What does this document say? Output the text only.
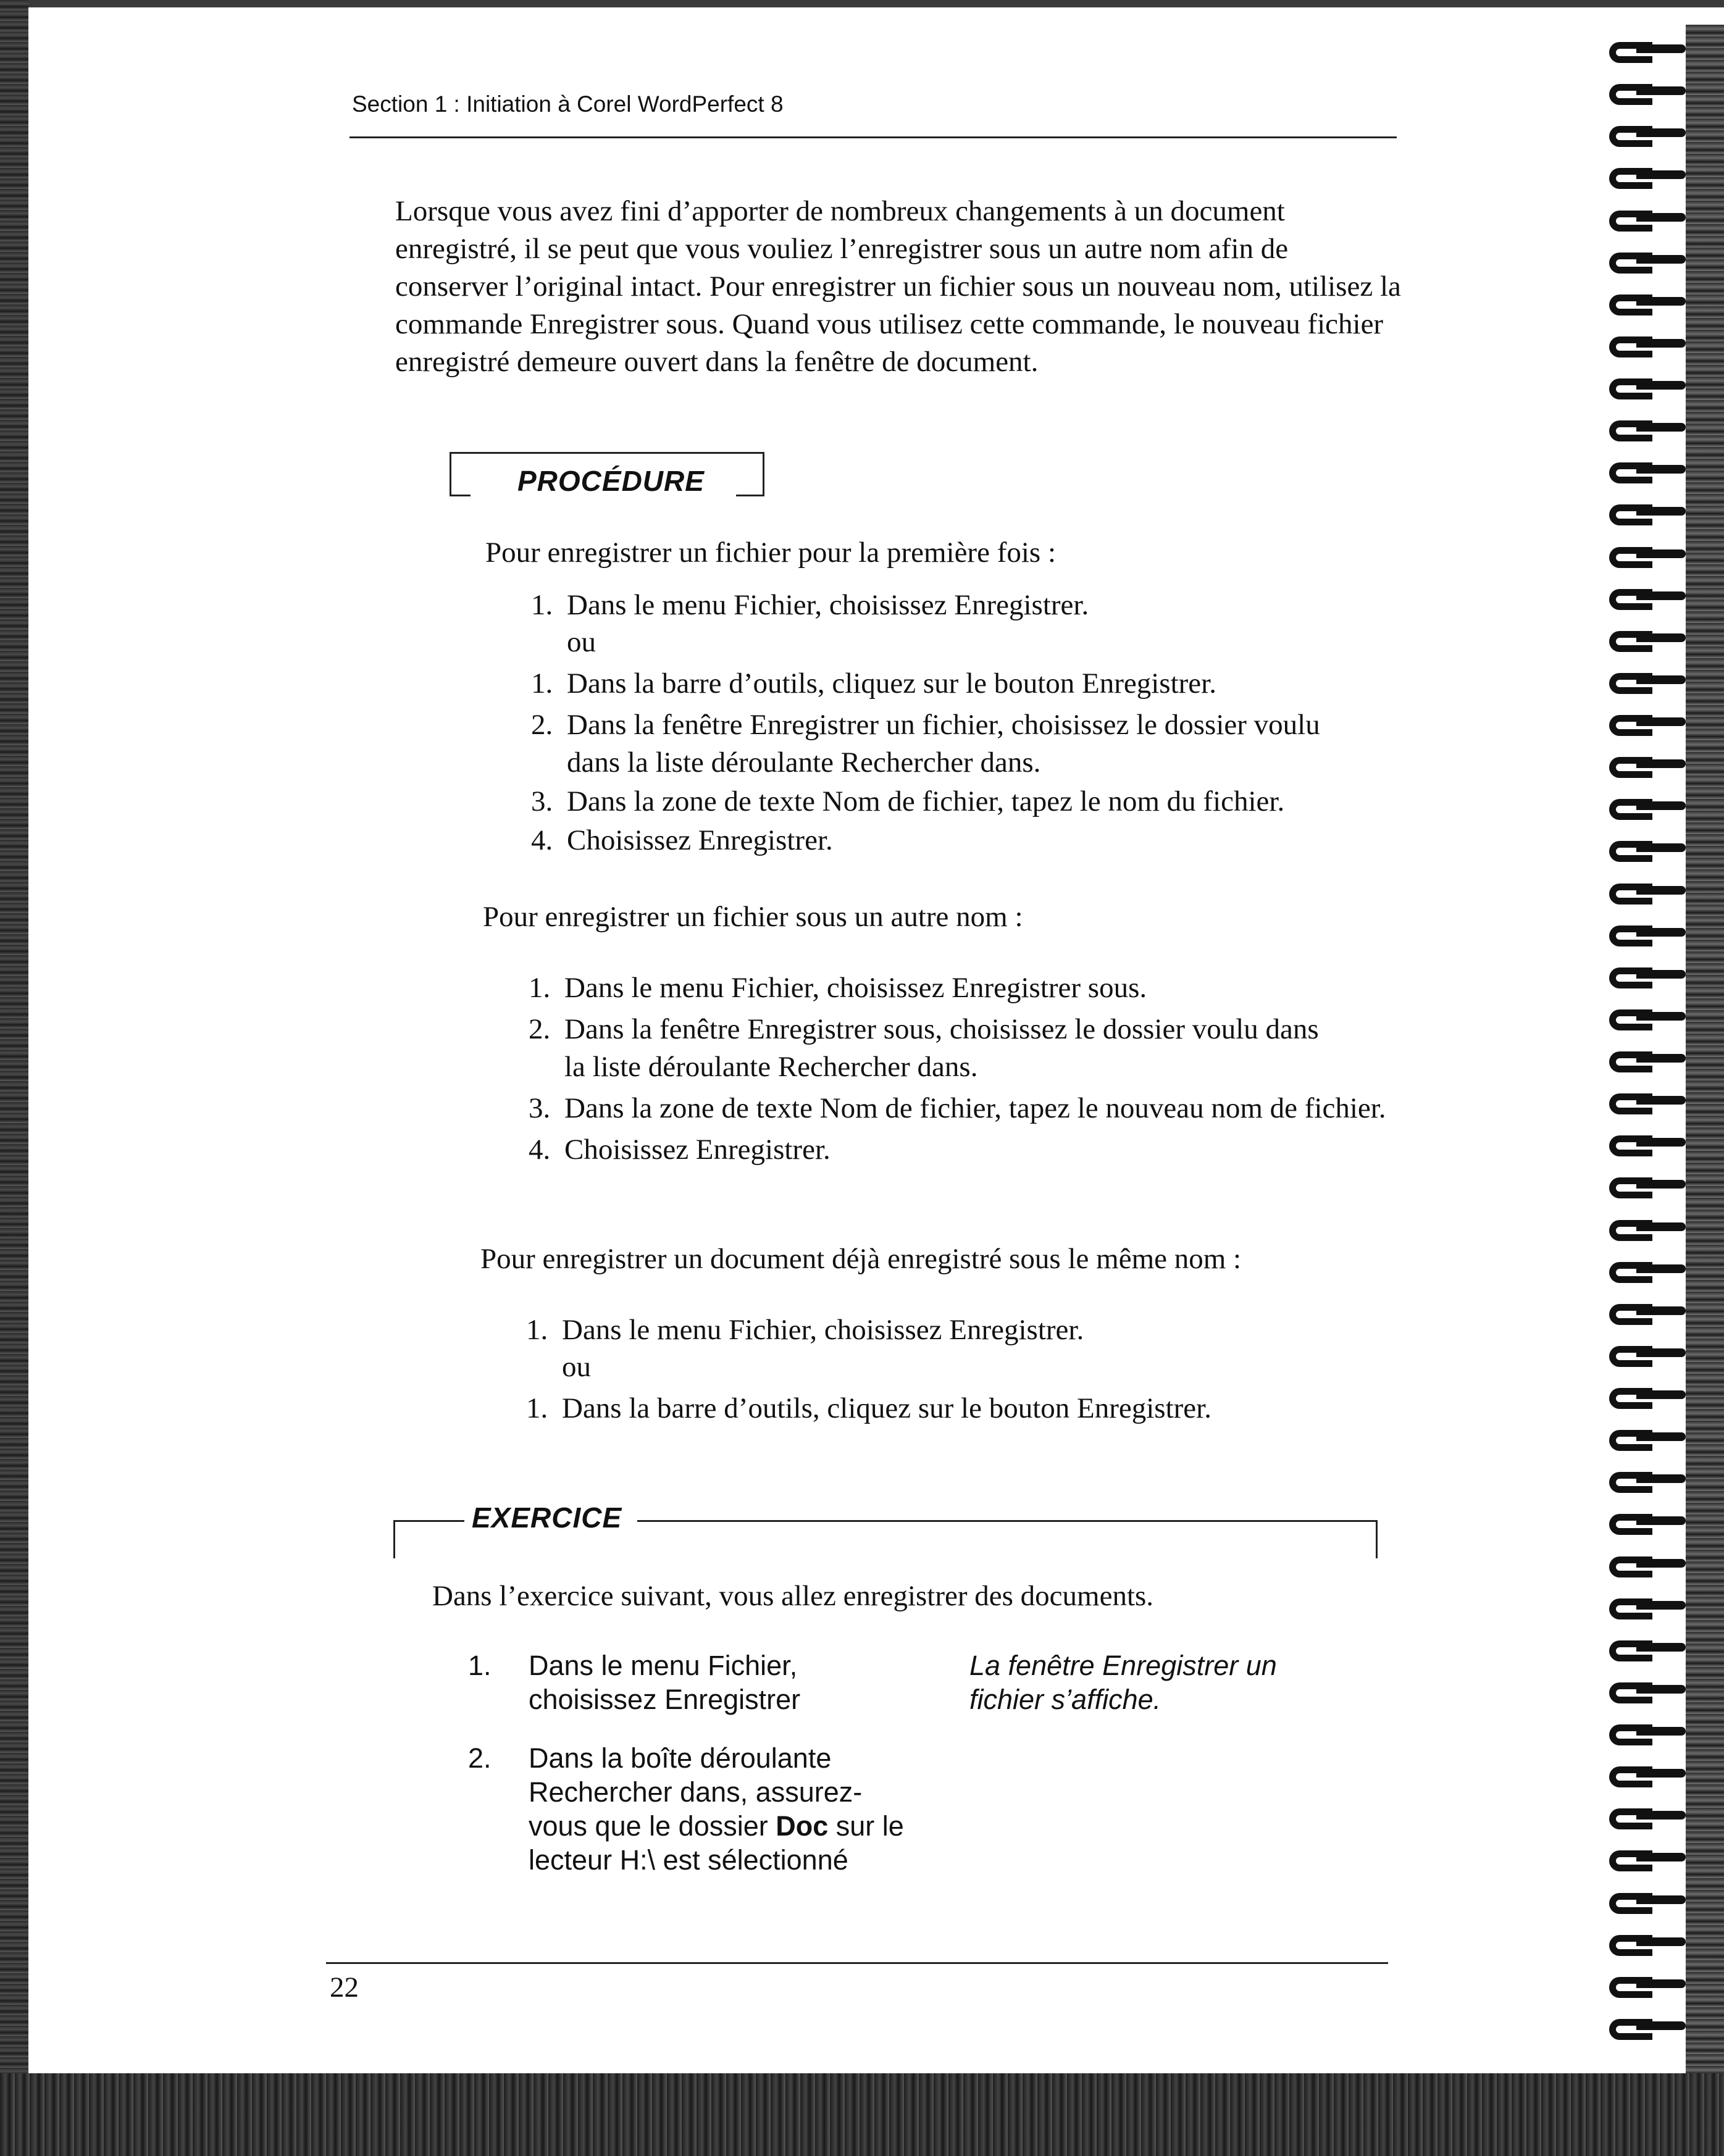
Section 1 : Initiation à Corel WordPerfect 8

Lorsque vous avez fini d’apporter de nombreux changements à un document enregistré, il se peut que vous vouliez l’enregistrer sous un autre nom afin de conserver l’original intact. Pour enregistrer un fichier sous un nouveau nom, utilisez la commande Enregistrer sous. Quand vous utilisez cette commande, le nouveau fichier enregistré demeure ouvert dans la fenêtre de document.

PROCÉDURE
Pour enregistrer un fichier pour la première fois :
1. Dans le menu Fichier, choisissez Enregistrer.
ou
1. Dans la barre d’outils, cliquez sur le bouton Enregistrer.
2. Dans la fenêtre Enregistrer un fichier, choisissez le dossier voulu dans la liste déroulante Rechercher dans.
3. Dans la zone de texte Nom de fichier, tapez le nom du fichier.
4. Choisissez Enregistrer.
Pour enregistrer un fichier sous un autre nom :
1. Dans le menu Fichier, choisissez Enregistrer sous.
2. Dans la fenêtre Enregistrer sous, choisissez le dossier voulu dans la liste déroulante Rechercher dans.
3. Dans la zone de texte Nom de fichier, tapez le nouveau nom de fichier.
4. Choisissez Enregistrer.
Pour enregistrer un document déjà enregistré sous le même nom :
1. Dans le menu Fichier, choisissez Enregistrer.
ou
1. Dans la barre d’outils, cliquez sur le bouton Enregistrer.
EXERCICE
Dans l’exercice suivant, vous allez enregistrer des documents.
1. Dans le menu Fichier,
choisissez Enregistrer
La fenêtre Enregistrer un
fichier s’affiche.
2. Dans la boîte déroulante
Rechercher dans, assurez-
vous que le dossier Doc sur le
lecteur H:\ est sélectionné
22
